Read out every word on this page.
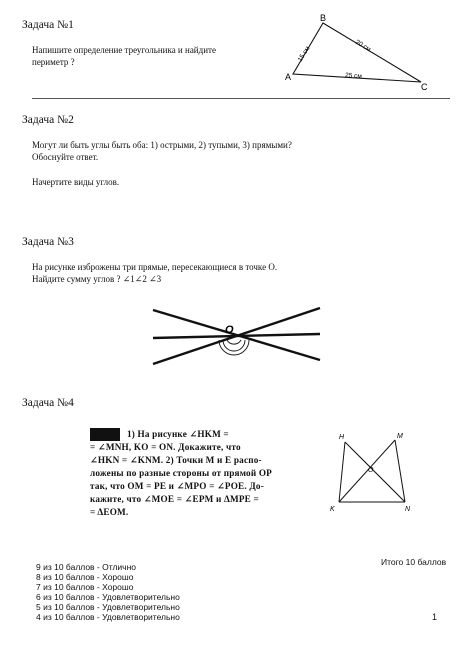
Задача №1
Напишите определение треугольника и найдите
периметр ?
A
B
C
15 см	20 см
25 см
Задача №2
Могут ли быть углы быть оба: 1) острыми, 2) тупыми, 3) прямыми?
Обоснуйте ответ.
Начертите виды углов.
Задача №3
На рисунке изброжены три прямые, пересекающиеся в точке О.
Найдите сумму углов ? ∠1∠2 ∠3
O
Задача №4
1) На рисунке ∠HKM =
= ∠MNH, KO = ON. Докажите, что
∠HKN = ∠KNM. 2) Точки M и E распо-
ложены по разные стороны от прямой OP
так, что OM = PE и ∠MPO = ∠POE. До-
кажите, что ∠MOE = ∠EPM и ΔMPE =
= ΔEOM.
H	M
O
K	N
9 из 10 баллов - Отлично
8 из 10 баллов - Хорошо
7 из 10 баллов - Хорошо
6 из 10 баллов - Удовлетворительно
5 из 10 баллов - Удовлетворительно
4 из 10 баллов - Удовлетворительно
Итого 10 баллов
1
